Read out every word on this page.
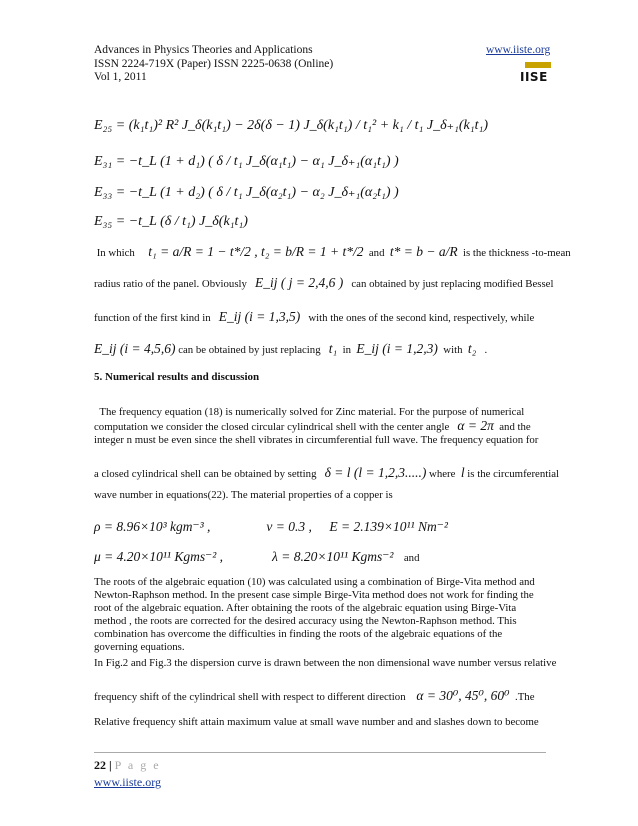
Advances in Physics Theories and Applications
ISSN 2224-719X (Paper) ISSN 2225-0638 (Online)
Vol 1, 2011
www.iiste.org
IISE
E₂₅ = (k₁t₁)² R² J_δ(k₁t₁) − 2δ(δ − 1) J_δ(k₁t₁) / t₁² + k₁ / t₁ J_δ₊₁(k₁t₁)
E₃₁ = −t_L (1 + d₁) ( δ / t₁ J_δ(α₁t₁) − α₁ J_δ₊₁(α₁t₁) )
E₃₃ = −t_L (1 + d₂) ( δ / t₁ J_δ(α₂t₁) − α₂ J_δ₊₁(α₂t₁) )
E₃₅ = −t_L (δ / t₁) J_δ(k₁t₁)
In which t₁ = a/R = 1 − t*/2 , t₂ = b/R = 1 + t*/2 and t* = b − a/R is the thickness -to-mean
radius ratio of the panel. Obviously E_ij ( j = 2,4,6 ) can obtained by just replacing modified Bessel
function of the first kind in E_ij (i = 1,3,5) with the ones of the second kind, respectively, while
E_ij (i = 4,5,6) can be obtained by just replacing t₁ in E_ij (i = 1,2,3) with t₂ .
5. Numerical results and discussion
The frequency equation (18) is numerically solved for Zinc material. For the purpose of numerical computation we consider the closed circular cylindrical shell with the center angle α = 2π and the integer n must be even since the shell vibrates in circumferential full wave. The frequency equation for
a closed cylindrical shell can be obtained by setting δ = l (l = 1,2,3.....) where l is the circumferential
wave number in equations(22). The material properties of a copper is
ρ = 8.96×10³ kgm⁻³ ,	ν = 0.3 , E = 2.139×10¹¹ Nm⁻²
μ = 4.20×10¹¹ Kgms⁻² ,	λ = 8.20×10¹¹ Kgms⁻² and
The roots of the algebraic equation (10) was calculated using a combination of Birge-Vita method and Newton-Raphson method. In the present case simple Birge-Vita method does not work for finding the root of the algebraic equation. After obtaining the roots of the algebraic equation using Birge-Vita method , the roots are corrected for the desired accuracy using the Newton-Raphson method. This combination has overcome the difficulties in finding the roots of the algebraic equations of the governing equations.
In Fig.2 and Fig.3 the dispersion curve is drawn between the non dimensional wave number versus relative
frequency shift of the cylindrical shell with respect to different direction α = 30⁰, 45⁰, 60⁰ .The
Relative frequency shift attain maximum value at small wave number and and slashes down to become
22 | P a g e
www.iiste.org
